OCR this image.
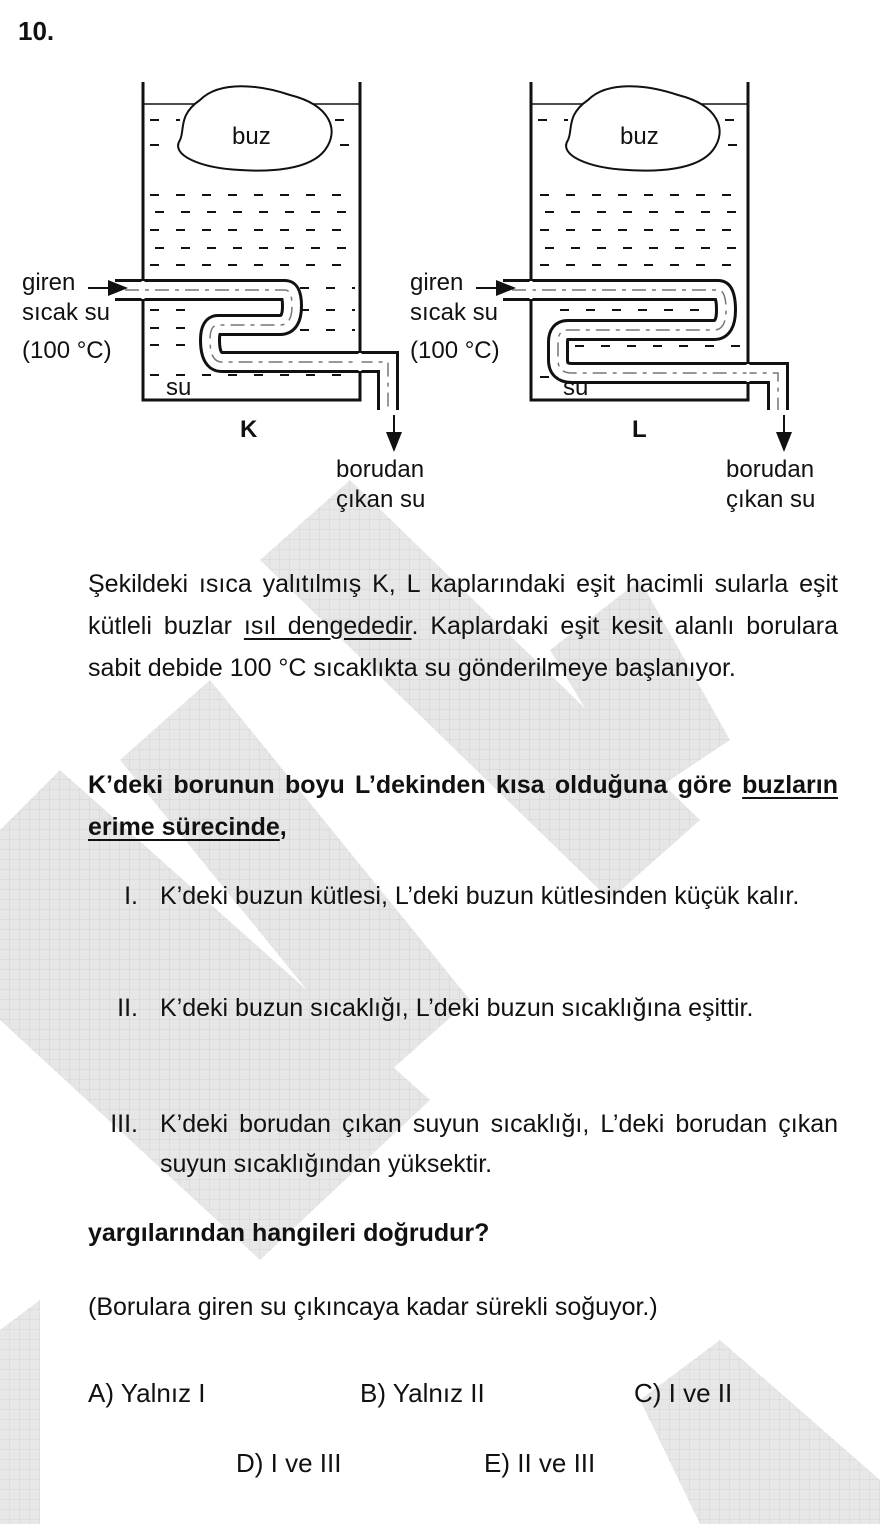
10.
buz
su
giren
sıcak su
(100 °C)
K
borudan
çıkan su
buz
su
giren
sıcak su
(100 °C)
L
borudan
çıkan su
Şekildeki ısıca yalıtılmış K, L kaplarındaki eşit hacimli sularla eşit kütleli buzlar ısıl dengededir. Kaplardaki eşit kesit alanlı borulara sabit debide 100 °C sıcaklıkta su gönderilmeye başlanıyor.
K’deki borunun boyu L’dekinden kısa olduğuna göre buzların erime sürecinde,
I. K’deki buzun kütlesi, L’deki buzun kütlesinden küçük kalır.
II. K’deki buzun sıcaklığı, L’deki buzun sıcaklığına eşittir.
III. K’deki borudan çıkan suyun sıcaklığı, L’deki borudan çıkan suyun sıcaklığından yüksektir.
yargılarından hangileri doğrudur?
(Borulara giren su çıkıncaya kadar sürekli soğuyor.)
A) Yalnız I	B) Yalnız II	C) I ve II
D) I ve III	E) II ve III
